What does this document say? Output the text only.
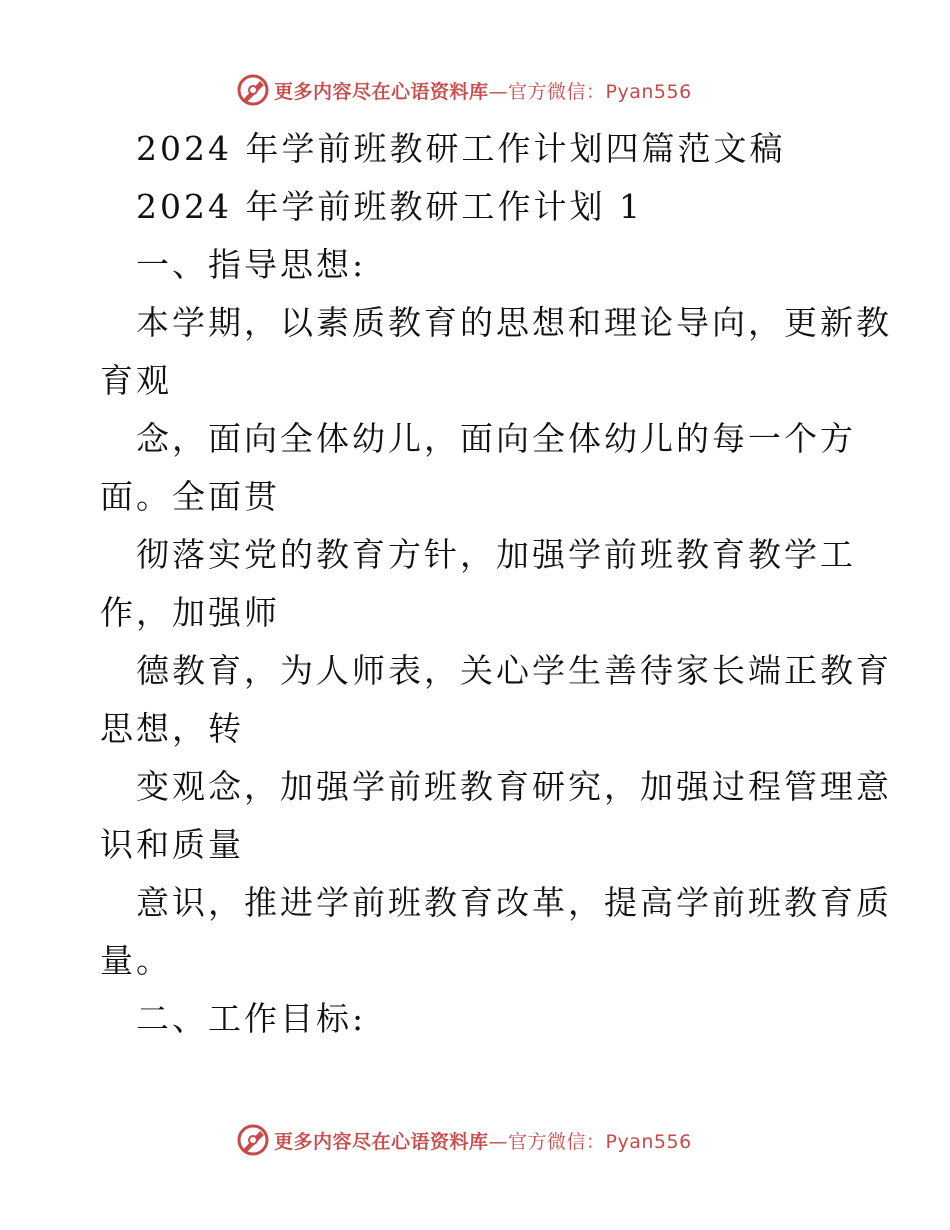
更多内容尽在心语资料库—官方微信：Pyan556
2024 年学前班教研工作计划四篇范文稿
2024 年学前班教研工作计划 1
一、指导思想:
本学期，以素质教育的思想和理论导向，更新教
育观
念，面向全体幼儿，面向全体幼儿的每一个方
面。全面贯
彻落实党的教育方针，加强学前班教育教学工
作，加强师
德教育，为人师表，关心学生善待家长端正教育
思想，转
变观念，加强学前班教育研究，加强过程管理意
识和质量
意识，推进学前班教育改革，提高学前班教育质
量。
二、工作目标:
更多内容尽在心语资料库—官方微信：Pyan556
